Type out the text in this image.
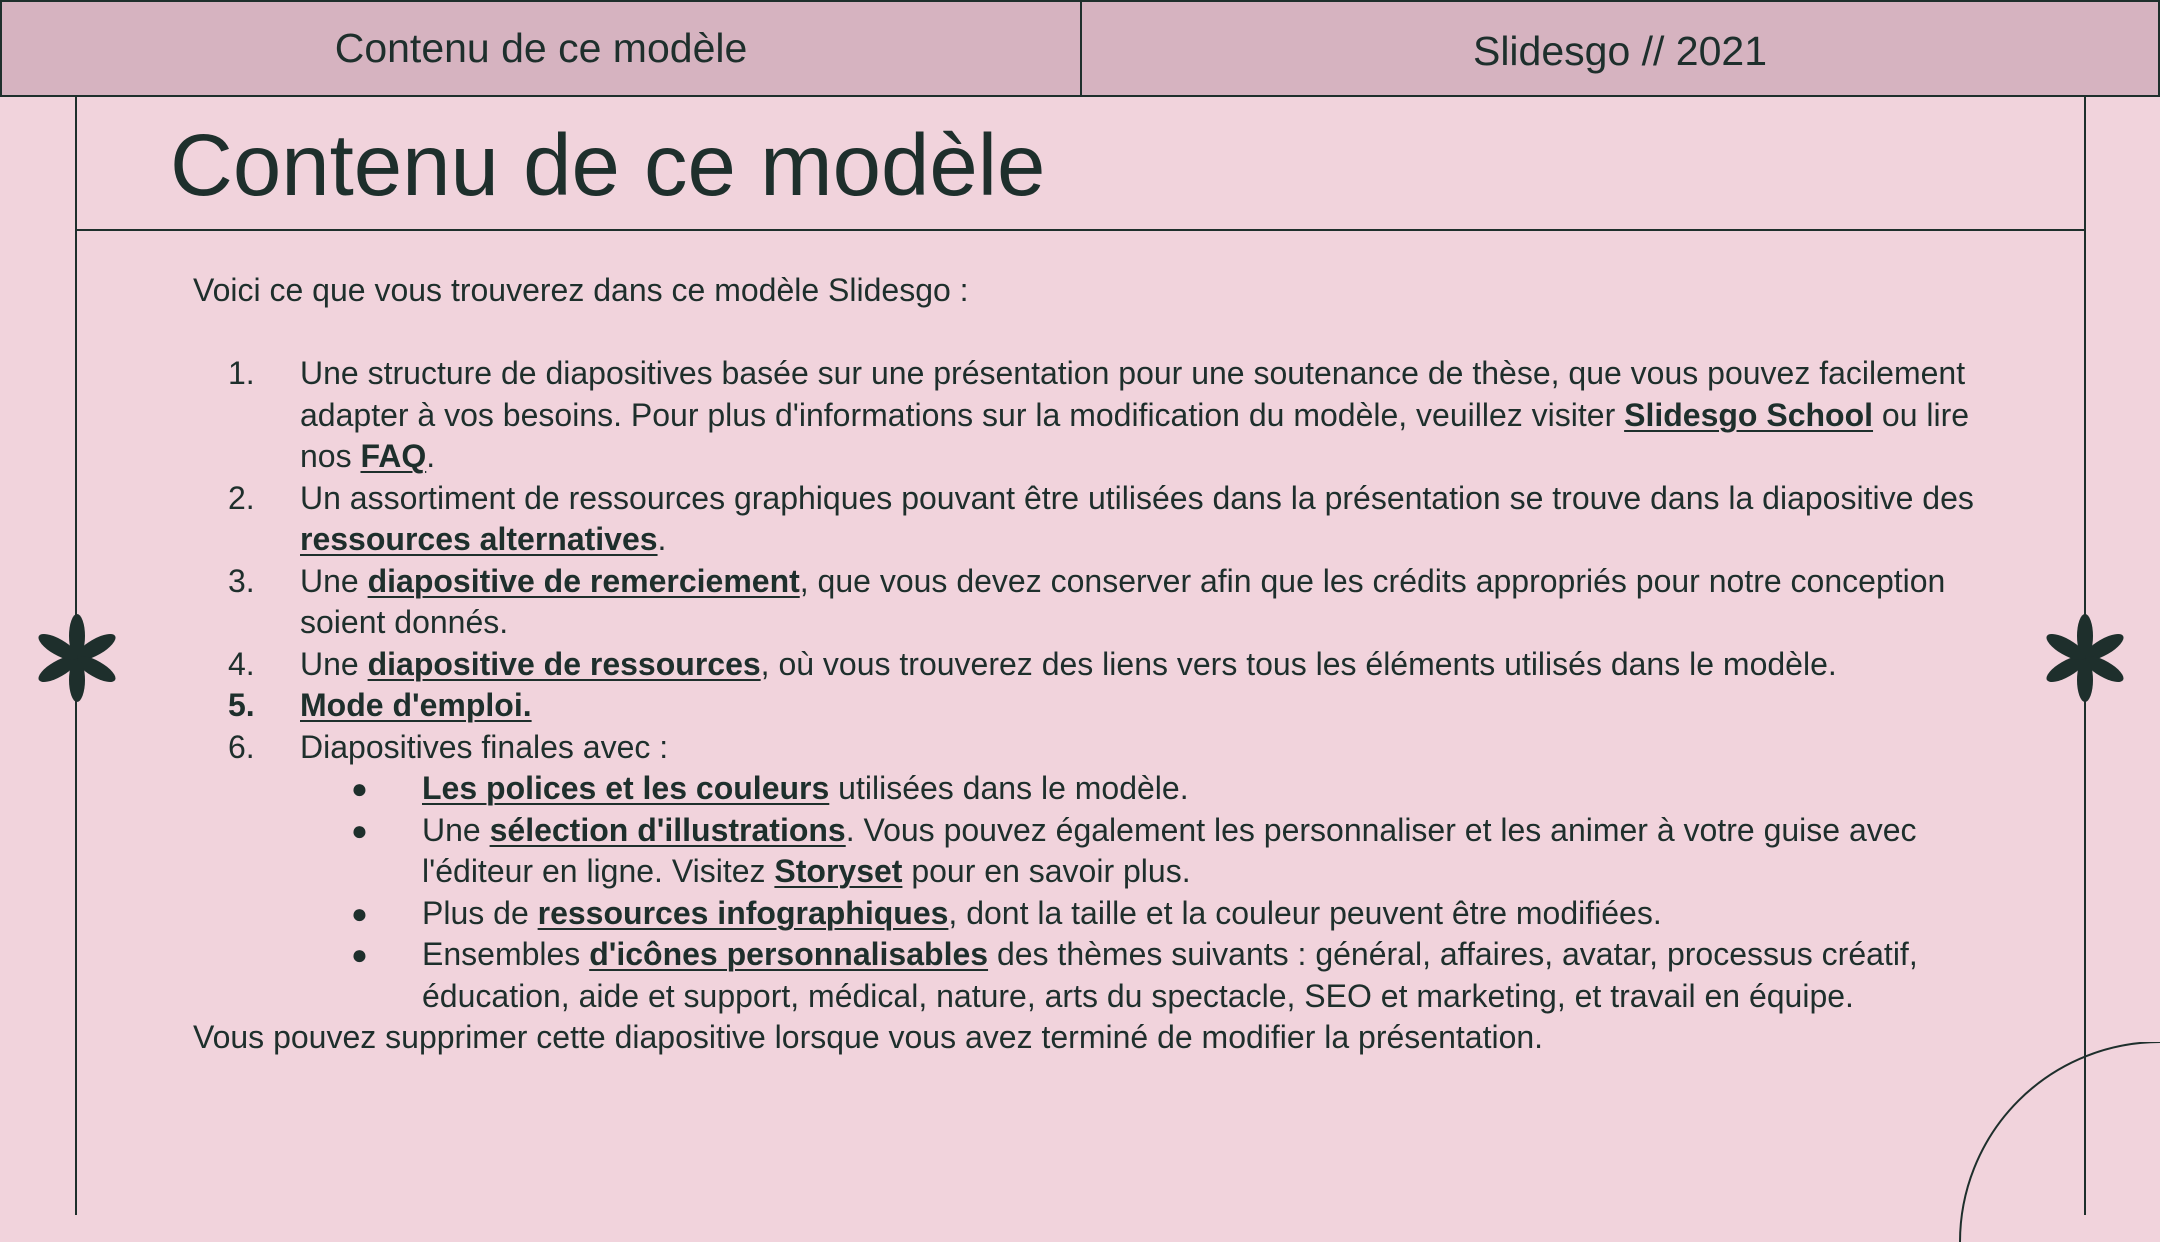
Contenu de ce modèle	Slidesgo // 2021
Contenu de ce modèle

Voici ce que vous trouverez dans ce modèle Slidesgo :

1. Une structure de diapositives basée sur une présentation pour une soutenance de thèse, que vous pouvez facilement adapter à vos besoins. Pour plus d'informations sur la modification du modèle, veuillez visiter Slidesgo School ou lire nos FAQ.
2. Un assortiment de ressources graphiques pouvant être utilisées dans la présentation se trouve dans la diapositive des ressources alternatives.
3. Une diapositive de remerciement, que vous devez conserver afin que les crédits appropriés pour notre conception soient donnés.
4. Une diapositive de ressources, où vous trouverez des liens vers tous les éléments utilisés dans le modèle.
5. Mode d'emploi.
6. Diapositives finales avec :
● Les polices et les couleurs utilisées dans le modèle.
● Une sélection d'illustrations. Vous pouvez également les personnaliser et les animer à votre guise avec l'éditeur en ligne. Visitez Storyset pour en savoir plus.
● Plus de ressources infographiques, dont la taille et la couleur peuvent être modifiées.
● Ensembles d'icônes personnalisables des thèmes suivants : général, affaires, avatar, processus créatif, éducation, aide et support, médical, nature, arts du spectacle, SEO et marketing, et travail en équipe.

Vous pouvez supprimer cette diapositive lorsque vous avez terminé de modifier la présentation.
